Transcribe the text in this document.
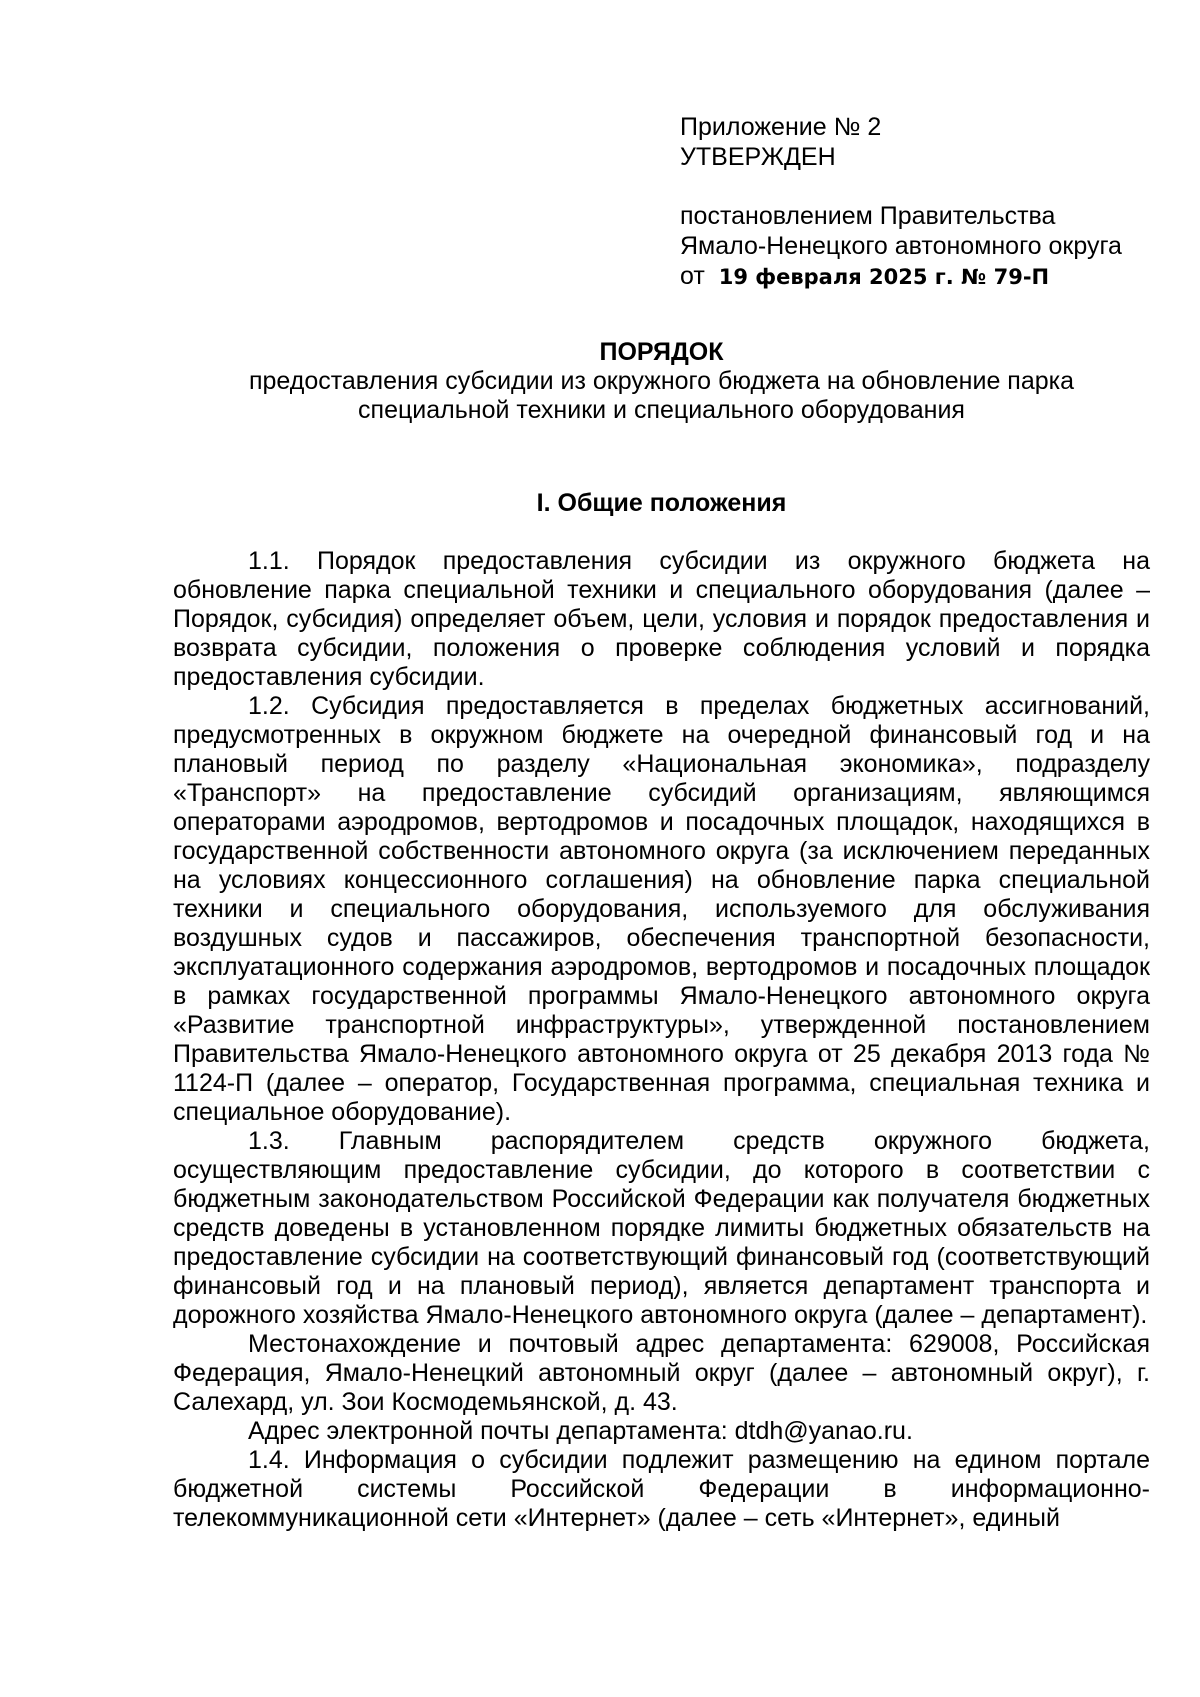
Приложение № 2
УТВЕРЖДЕН
постановлением Правительства
Ямало-Ненецкого автономного округа
от 19 февраля 2025 г. № 79-П
ПОРЯДОК
предоставления субсидии из окружного бюджета на обновление парка
специальной техники и специального оборудования
I. Общие положения

1.1. Порядок предоставления субсидии из окружного бюджета на обновление парка специальной техники и специального оборудования (далее – Порядок, субсидия) определяет объем, цели, условия и порядок предоставления и возврата субсидии, положения о проверке соблюдения условий и порядка предоставления субсидии.

1.2. Субсидия предоставляется в пределах бюджетных ассигнований, предусмотренных в окружном бюджете на очередной финансовый год и на плановый период по разделу «Национальная экономика», подразделу «Транспорт» на предоставление субсидий организациям, являющимся операторами аэродромов, вертодромов и посадочных площадок, находящихся в государственной собственности автономного округа (за исключением переданных на условиях концессионного соглашения) на обновление парка специальной техники и специального оборудования, используемого для обслуживания воздушных судов и пассажиров, обеспечения транспортной безопасности, эксплуатационного содержания аэродромов, вертодромов и посадочных площадок в рамках государственной программы Ямало-Ненецкого автономного округа «Развитие транспортной инфраструктуры», утвержденной постановлением Правительства Ямало-Ненецкого автономного округа от 25 декабря 2013 года № 1124-П (далее – оператор, Государственная программа, специальная техника и специальное оборудование).

1.3. Главным распорядителем средств окружного бюджета, осуществляющим предоставление субсидии, до которого в соответствии с бюджетным законодательством Российской Федерации как получателя бюджетных средств доведены в установленном порядке лимиты бюджетных обязательств на предоставление субсидии на соответствующий финансовый год (соответствующий финансовый год и на плановый период), является департамент транспорта и дорожного хозяйства Ямало-Ненецкого автономного округа (далее – департамент).

Местонахождение и почтовый адрес департамента: 629008, Российская Федерация, Ямало-Ненецкий автономный округ (далее – автономный округ), г. Салехард, ул. Зои Космодемьянской, д. 43.

Адрес электронной почты департамента: dtdh@yanao.ru.

1.4. Информация о субсидии подлежит размещению на едином портале бюджетной системы Российской Федерации в информационно-телекоммуникационной сети «Интернет» (далее – сеть «Интернет», единый
